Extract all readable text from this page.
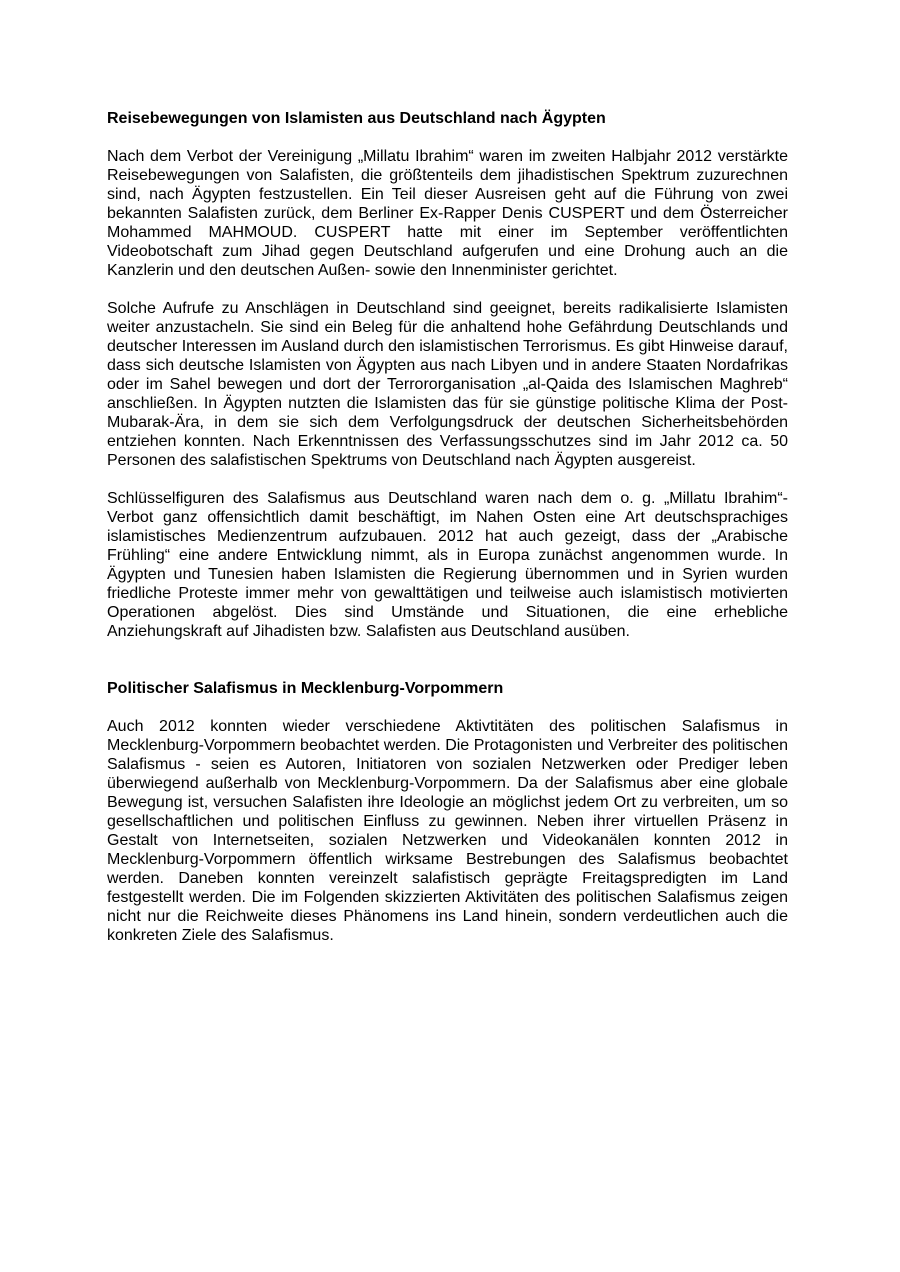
Reisebewegungen von Islamisten aus Deutschland nach Ägypten

Nach dem Verbot der Vereinigung „Millatu Ibrahim“ waren im zweiten Halbjahr 2012 verstärkte Reisebewegungen von Salafisten, die größtenteils dem jihadistischen Spektrum zuzurechnen sind, nach Ägypten festzustellen. Ein Teil dieser Ausreisen geht auf die Führung von zwei bekannten Salafisten zurück, dem Berliner Ex-Rapper Denis CUSPERT und dem Österreicher Mohammed MAHMOUD. CUSPERT hatte mit einer im September veröffentlichten Videobotschaft zum Jihad gegen Deutschland aufgerufen und eine Drohung auch an die Kanzlerin und den deutschen Außen- sowie den Innenminister gerichtet.

Solche Aufrufe zu Anschlägen in Deutschland sind geeignet, bereits radikalisierte Islamisten weiter anzustacheln. Sie sind ein Beleg für die anhaltend hohe Gefährdung Deutschlands und deutscher Interessen im Ausland durch den islamistischen Terrorismus. Es gibt Hinweise darauf, dass sich deutsche Islamisten von Ägypten aus nach Libyen und in andere Staaten Nordafrikas oder im Sahel bewegen und dort der Terrororganisation „al-Qaida des Islamischen Maghreb“ anschließen. In Ägypten nutzten die Islamisten das für sie günstige politische Klima der Post-Mubarak-Ära, in dem sie sich dem Verfolgungsdruck der deutschen Sicherheitsbehörden entziehen konnten. Nach Erkenntnissen des Verfassungsschutzes sind im Jahr 2012 ca. 50 Personen des salafistischen Spektrums von Deutschland nach Ägypten ausgereist.

Schlüsselfiguren des Salafismus aus Deutschland waren nach dem o. g. „Millatu Ibrahim“-Verbot ganz offensichtlich damit beschäftigt, im Nahen Osten eine Art deutschsprachiges islamistisches Medienzentrum aufzubauen. 2012 hat auch gezeigt, dass der „Arabische Frühling“ eine andere Entwicklung nimmt, als in Europa zunächst angenommen wurde. In Ägypten und Tunesien haben Islamisten die Regierung übernommen und in Syrien wurden friedliche Proteste immer mehr von gewalttätigen und teilweise auch islamistisch motivierten Operationen abgelöst. Dies sind Umstände und Situationen, die eine erhebliche Anziehungskraft auf Jihadisten bzw. Salafisten aus Deutschland ausüben.

Politischer Salafismus in Mecklenburg-Vorpommern

Auch 2012 konnten wieder verschiedene Aktivtitäten des politischen Salafismus in Mecklenburg-Vorpommern beobachtet werden. Die Protagonisten und Verbreiter des politischen Salafismus - seien es Autoren, Initiatoren von sozialen Netzwerken oder Prediger leben überwiegend außerhalb von Mecklenburg-Vorpommern. Da der Salafismus aber eine globale Bewegung ist, versuchen Salafisten ihre Ideologie an möglichst jedem Ort zu verbreiten, um so gesellschaftlichen und politischen Einfluss zu gewinnen. Neben ihrer virtuellen Präsenz in Gestalt von Internetseiten, sozialen Netzwerken und Videokanälen konnten 2012 in Mecklenburg-Vorpommern öffentlich wirksame Bestrebungen des Salafismus beobachtet werden. Daneben konnten vereinzelt salafistisch geprägte Freitagspredigten im Land festgestellt werden. Die im Folgenden skizzierten Aktivitäten des politischen Salafismus zeigen nicht nur die Reichweite dieses Phänomens ins Land hinein, sondern verdeutlichen auch die konkreten Ziele des Salafismus.
